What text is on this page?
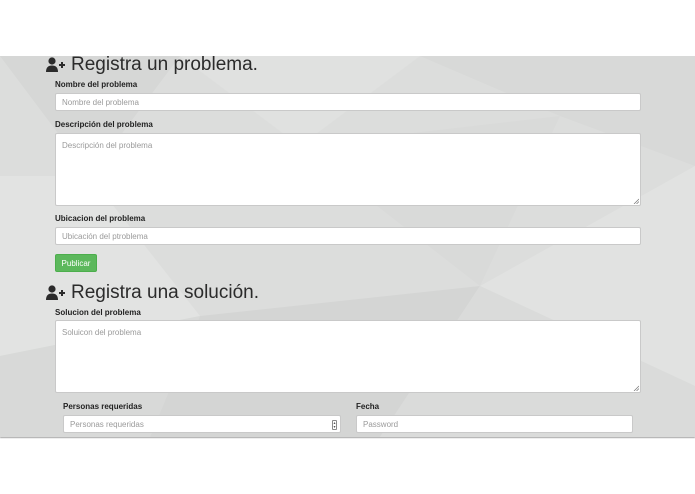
Registra un problema.
Nombre del problema
Nombre del problema
Descripción del problema
Descripción del problema
Ubicacion del problema
Ubicación del ptroblema
Publicar
Registra una solución.
Solucion del problema
Soluicon del problema
Personas requeridas
Personas requeridas	▴
▾
Fecha
Password
